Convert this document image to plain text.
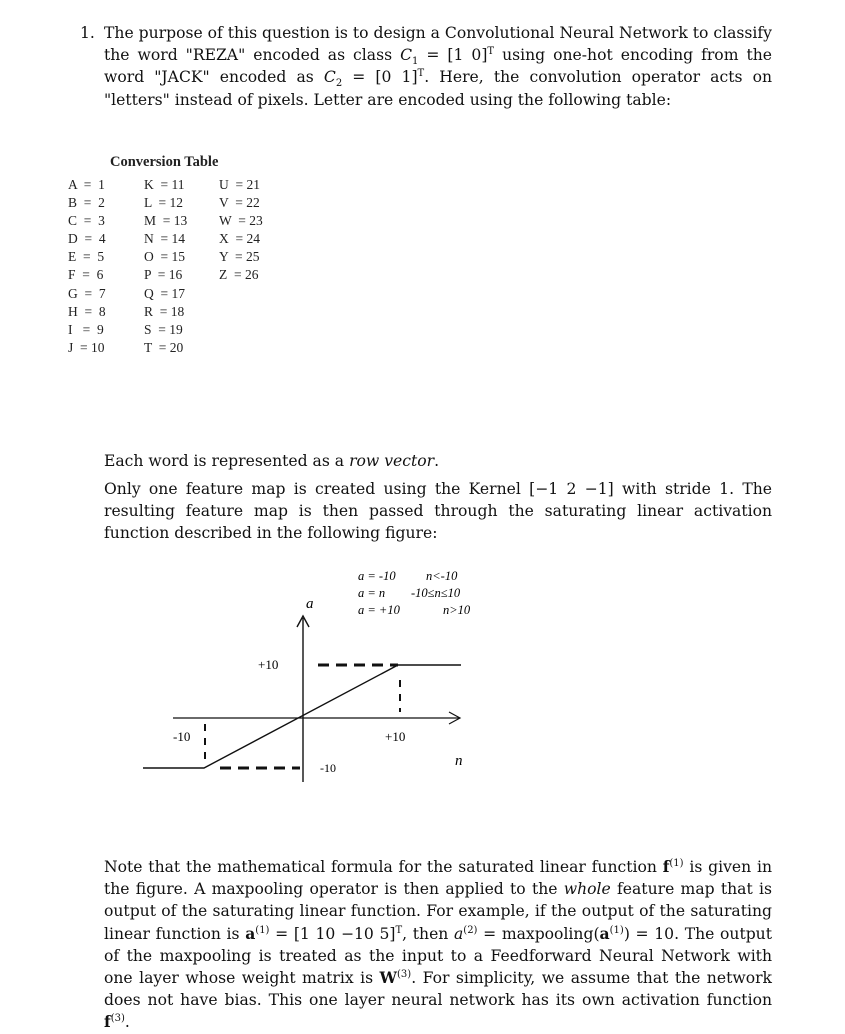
1. The purpose of this question is to design a Convolutional Neural Network to classify the word "REZA" encoded as class $C_1 = [1$ 0]$^T$ using one-hot encoding from the word "JACK" encoded as $C_2 = [0$ 1]$^T$. Here, the convolution operator acts on "letters" instead of pixels. Letter are encoded using the following table:
Conversion Table
A  =  1
B  =  2
C  =  3
D  =  4
E  =  5
F  =  6
G  =  7
H  =  8
I   =  9
J  = 10
K  = 11
L  = 12
M  = 13
N  = 14
O  = 15
P  = 16
Q  = 17
R  = 18
S  = 19
T  = 20
U  = 21
V  = 22
W  = 23
X  = 24
Y  = 25
Z  = 26
Each word is represented as a row vector.
Only one feature map is created using the Kernel [−1 2 −1] with stride 1. The resulting feature map is then passed through the saturating linear activation function described in the following figure:
+10
+10
-10
-10
a
n
a = -10 n<-10
a = n -10≤n≤10
a = +10	n>10
Note that the mathematical formula for the saturated linear function $f^{(1)}$ is given in the figure. A maxpooling operator is then applied to the whole feature map that is output of the saturating linear function. For example, if the output of the saturating linear function is $a^{(1)} = [1$ 10 −10 5]$^T$, then $a^{(2)}$ = $maxpooling(a^{(1)}) = 10$. The output of the maxpooling is treated as the input to a Feedforward Neural Network with one layer whose weight matrix is $W^{(3)}$. For simplicity, we assume that the network does not have bias. This one layer neural network has its own activation function $f^{(3)}$.
